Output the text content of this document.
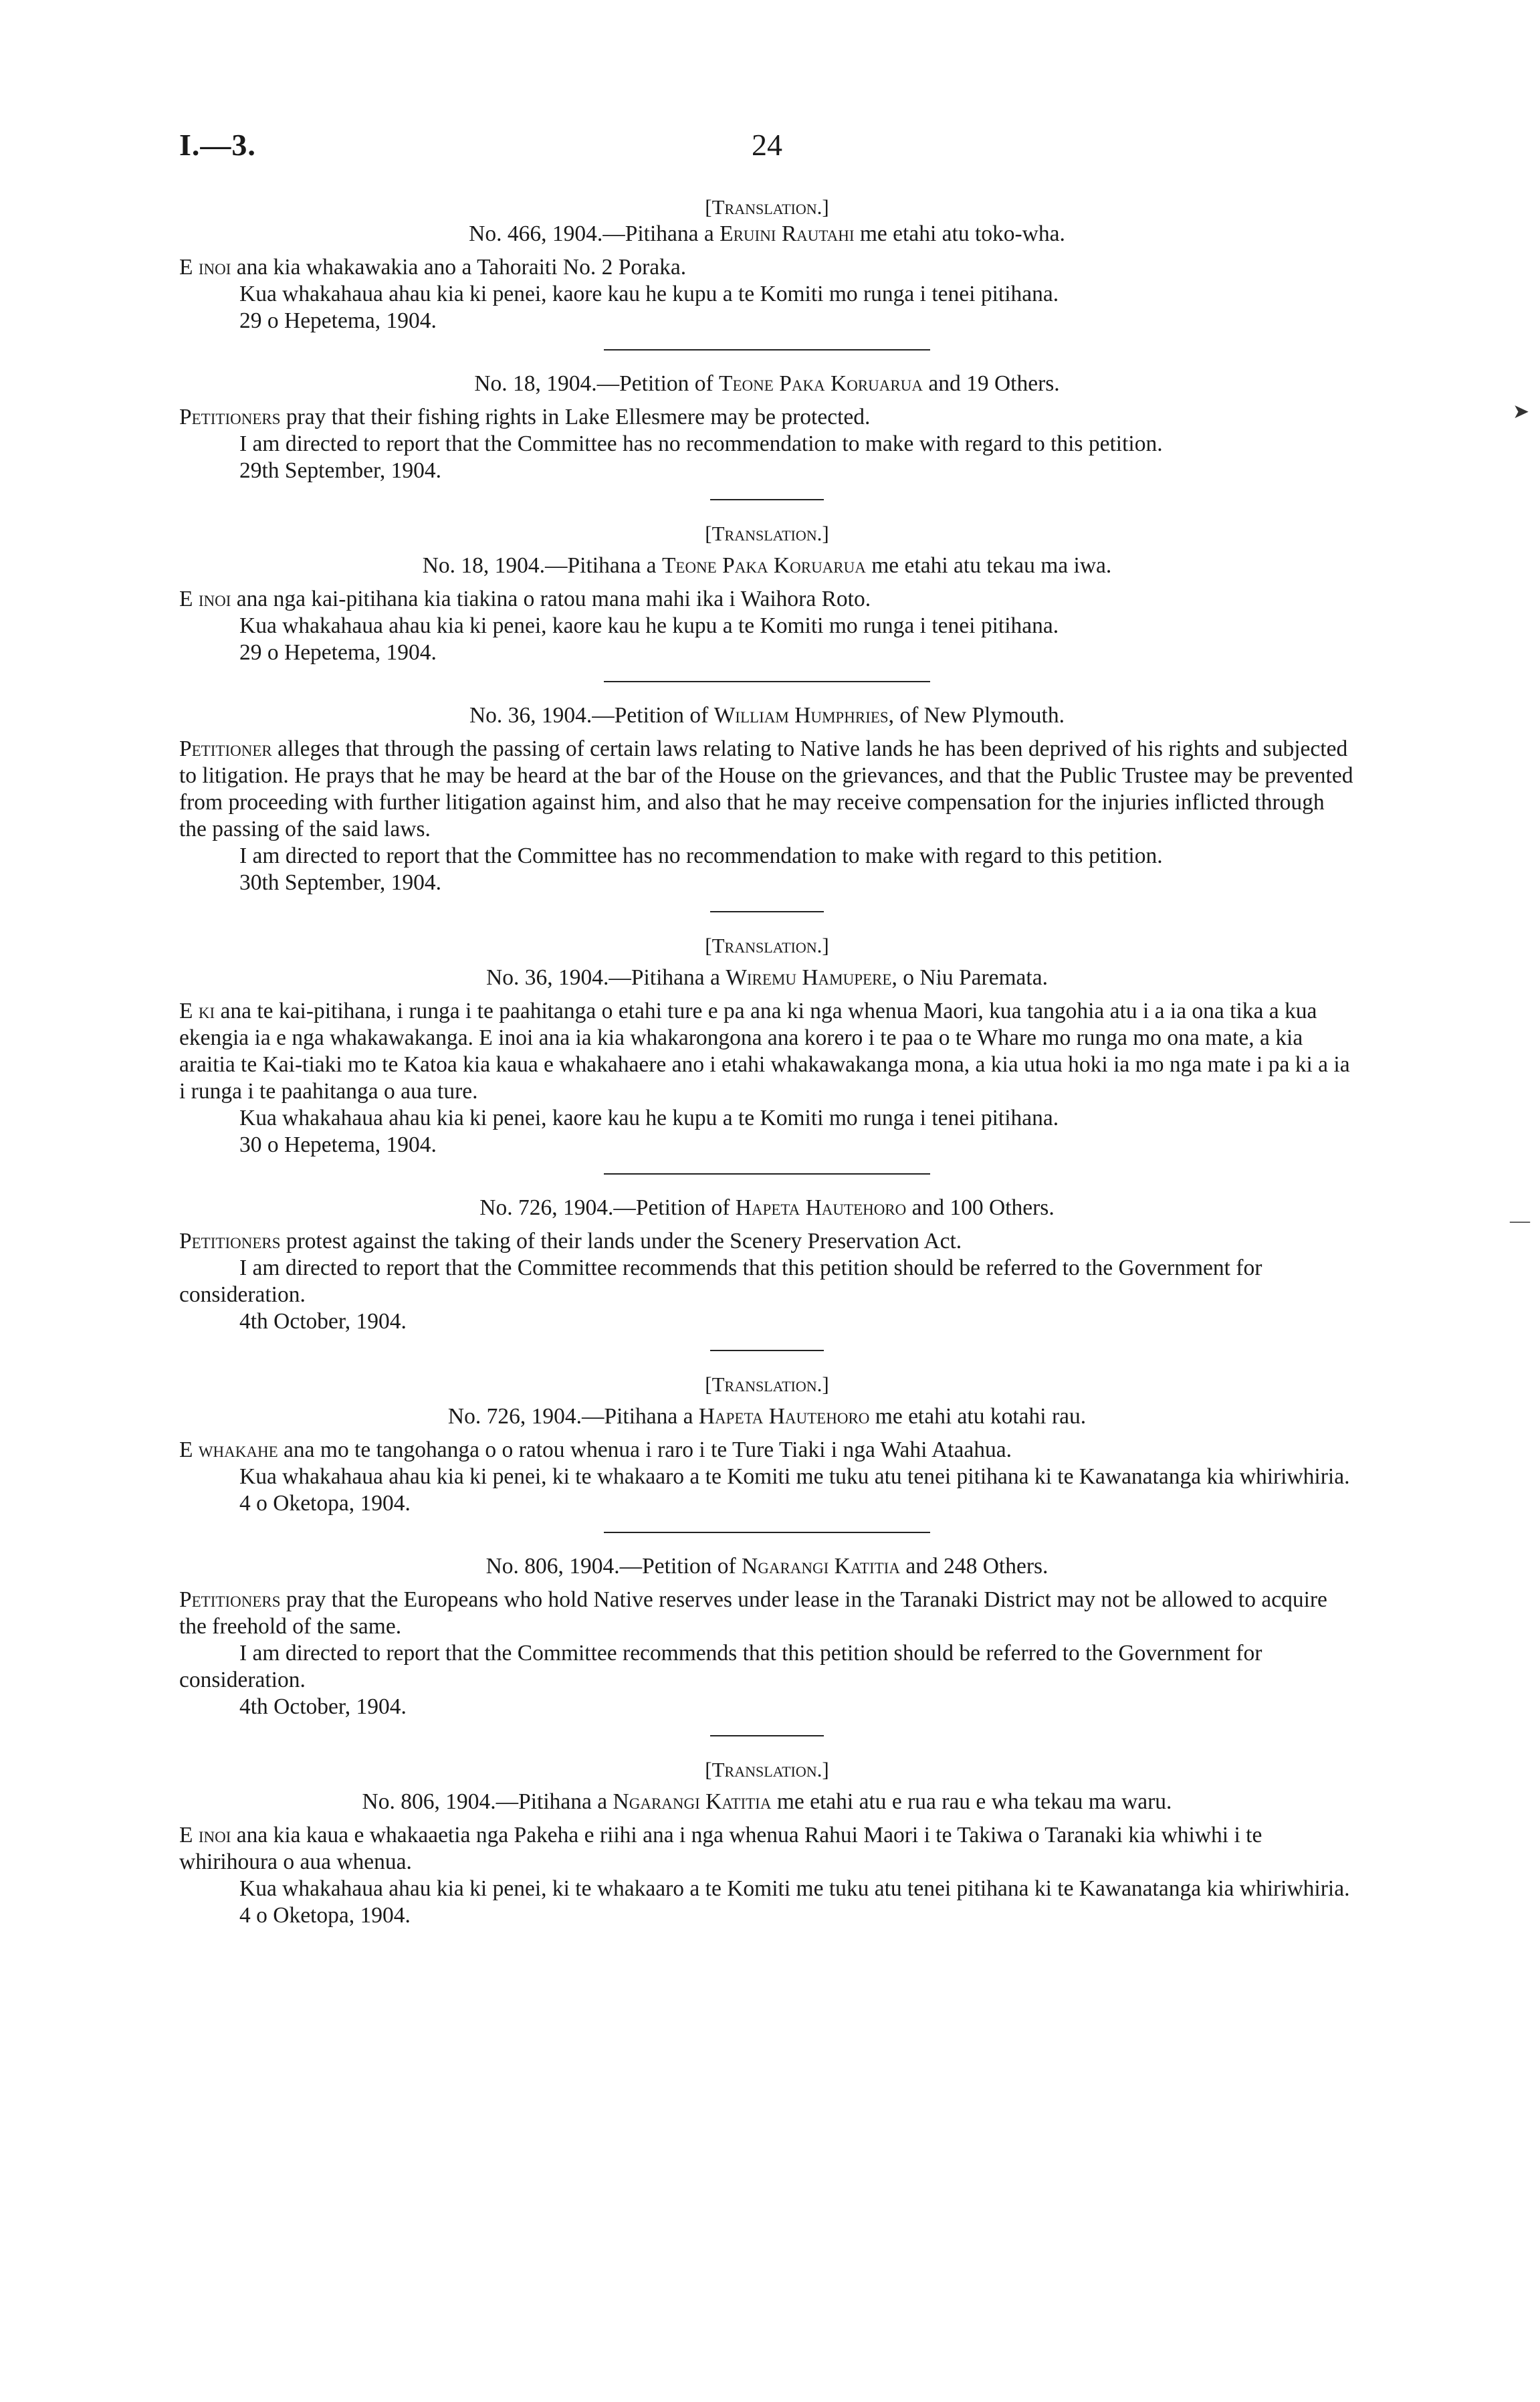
I.—3.	24
➤
—
[Translation.]
No. 466, 1904.—Pitihana a Eruini Rautahi me etahi atu toko-wha.

E inoi ana kia whakawakia ano a Tahoraiti No. 2 Poraka.

Kua whakahaua ahau kia ki penei, kaore kau he kupu a te Komiti mo runga i tenei pitihana.

29 o Hepetema, 1904.

No. 18, 1904.—Petition of Teone Paka Koruarua and 19 Others.

Petitioners pray that their fishing rights in Lake Ellesmere may be protected.

I am directed to report that the Committee has no recommendation to make with regard to this petition.

29th September, 1904.

[Translation.]
No. 18, 1904.—Pitihana a Teone Paka Koruarua me etahi atu tekau ma iwa.

E inoi ana nga kai-pitihana kia tiakina o ratou mana mahi ika i Waihora Roto.

Kua whakahaua ahau kia ki penei, kaore kau he kupu a te Komiti mo runga i tenei pitihana.

29 o Hepetema, 1904.

No. 36, 1904.—Petition of William Humphries, of New Plymouth.

Petitioner alleges that through the passing of certain laws relating to Native lands he has been deprived of his rights and subjected to litigation. He prays that he may be heard at the bar of the House on the grievances, and that the Public Trustee may be prevented from proceeding with further litigation against him, and also that he may receive compensation for the injuries inflicted through the passing of the said laws.

I am directed to report that the Committee has no recommendation to make with regard to this petition.

30th September, 1904.

[Translation.]
No. 36, 1904.—Pitihana a Wiremu Hamupere, o Niu Paremata.

E ki ana te kai-pitihana, i runga i te paahitanga o etahi ture e pa ana ki nga whenua Maori, kua tangohia atu i a ia ona tika a kua ekengia ia e nga whakawakanga. E inoi ana ia kia whakarongona ana korero i te paa o te Whare mo runga mo ona mate, a kia araitia te Kai-tiaki mo te Katoa kia kaua e whakahaere ano i etahi whakawakanga mona, a kia utua hoki ia mo nga mate i pa ki a ia i runga i te paahitanga o aua ture.

Kua whakahaua ahau kia ki penei, kaore kau he kupu a te Komiti mo runga i tenei pitihana.

30 o Hepetema, 1904.

No. 726, 1904.—Petition of Hapeta Hautehoro and 100 Others.

Petitioners protest against the taking of their lands under the Scenery Preservation Act.

I am directed to report that the Committee recommends that this petition should be referred to the Government for consideration.

4th October, 1904.

[Translation.]
No. 726, 1904.—Pitihana a Hapeta Hautehoro me etahi atu kotahi rau.

E whakahe ana mo te tangohanga o o ratou whenua i raro i te Ture Tiaki i nga Wahi Ataahua.

Kua whakahaua ahau kia ki penei, ki te whakaaro a te Komiti me tuku atu tenei pitihana ki te Kawanatanga kia whiriwhiria.

4 o Oketopa, 1904.

No. 806, 1904.—Petition of Ngarangi Katitia and 248 Others.

Petitioners pray that the Europeans who hold Native reserves under lease in the Taranaki District may not be allowed to acquire the freehold of the same.

I am directed to report that the Committee recommends that this petition should be referred to the Government for consideration.

4th October, 1904.

[Translation.]
No. 806, 1904.—Pitihana a Ngarangi Katitia me etahi atu e rua rau e wha tekau ma waru.

E inoi ana kia kaua e whakaaetia nga Pakeha e riihi ana i nga whenua Rahui Maori i te Takiwa o Taranaki kia whiwhi i te whirihoura o aua whenua.

Kua whakahaua ahau kia ki penei, ki te whakaaro a te Komiti me tuku atu tenei pitihana ki te Kawanatanga kia whiriwhiria.

4 o Oketopa, 1904.
